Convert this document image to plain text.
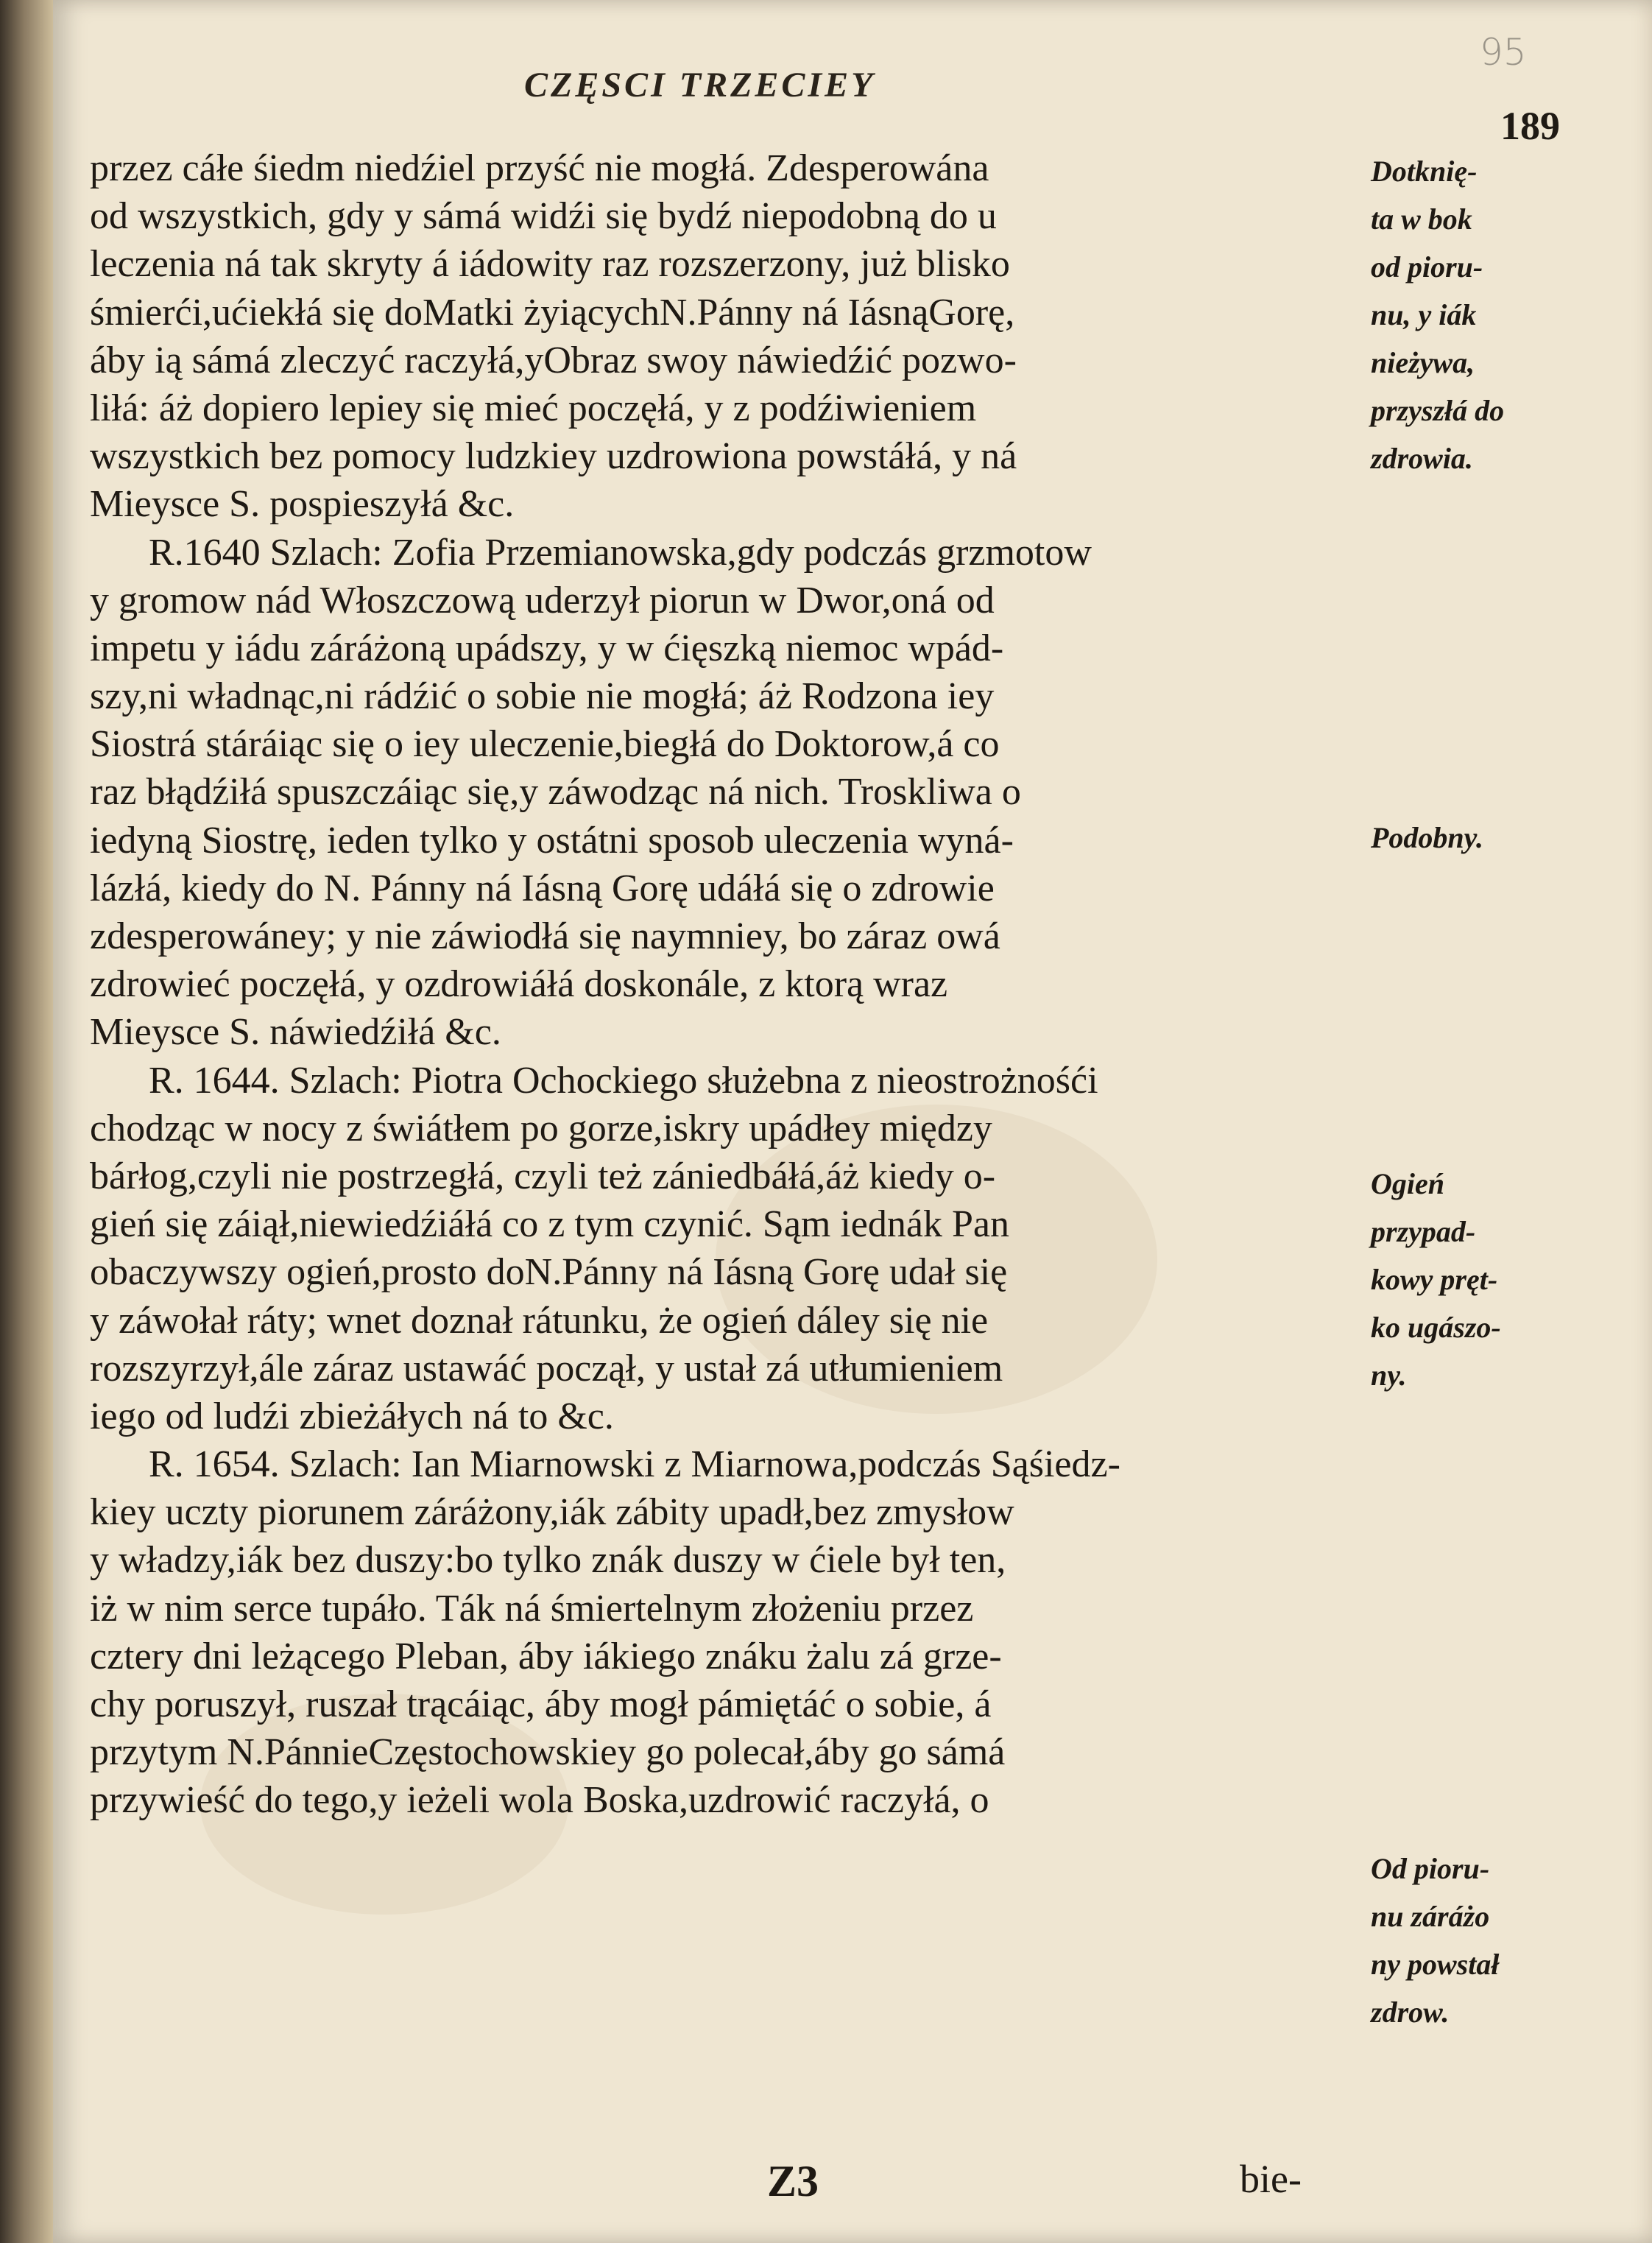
95
CZĘSCI TRZECIEY
189
przez cáłe śiedm niedźiel przyść nie mogłá. Zdesperowána
od wszystkich, gdy y sámá widźi się bydź niepodobną do u
leczenia ná tak skryty á iádowity raz rozszerzony, już blisko
śmierći,ućiekłá się doMatki żyiącychN.Pánny ná IásnąGorę,
áby ią sámá zleczyć raczyłá,yObraz swoy náwiedźić pozwo-
liłá: áż dopiero lepiey się mieć poczęłá, y z podźiwieniem
wszystkich bez pomocy ludzkiey uzdrowiona powstáłá, y ná
Mieysce S. pospieszyłá &c.
R.1640 Szlach: Zofia Przemianowska,gdy podczás grzmotow
y gromow nád Włoszczową uderzył piorun w Dwor,oná od
impetu y iádu záráżoną upádszy, y w ćięszką niemoc wpád-
szy,ni władnąc,ni rádźić o sobie nie mogłá; áż Rodzona iey
Siostrá stáráiąc się o iey uleczenie,biegłá do Doktorow,á co
raz błądźiłá spuszczáiąc się,y záwodząc ná nich. Troskliwa o
iedyną Siostrę, ieden tylko y ostátni sposob uleczenia wyná-
lázłá, kiedy do N. Pánny ná Iásną Gorę udáłá się o zdrowie
zdesperowáney; y nie záwiodłá się naymniey, bo záraz owá
zdrowieć poczęłá, y ozdrowiáłá doskonále, z ktorą wraz
Mieysce S. náwiedźiłá &c.
R. 1644. Szlach: Piotra Ochockiego służebna z nieostrożnośći
chodząc w nocy z świátłem po gorze,iskry upádłey między
bárłog,czyli nie postrzegłá, czyli też zániedbáłá,áż kiedy o-
gień się záiął,niewiedźiáłá co z tym czynić. Sąm iednák Pan
obaczywszy ogień,prosto doN.Pánny ná Iásną Gorę udał się
y záwołał ráty; wnet doznał rátunku, że ogień dáley się nie
rozszyrzył,ále záraz ustawáć począł, y ustał zá utłumieniem
iego od ludźi zbieżáłych ná to &c.
R. 1654. Szlach: Ian Miarnowski z Miarnowa,podczás Sąśiedz-
kiey uczty piorunem záráżony,iák zábity upadł,bez zmysłow
y władzy,iák bez duszy:bo tylko znák duszy w ćiele był ten,
iż w nim serce tupáło. Ták ná śmiertelnym złożeniu przez
cztery dni leżącego Pleban, áby iákiego znáku żalu zá grze-
chy poruszył, ruszał trącáiąc, áby mogł pámiętáć o sobie, á
przytym N.PánnieCzęstochowskiey go polecał,áby go sámá
przywieść do tego,y ieżeli wola Boska,uzdrowić raczyłá, o
Dotknię-
ta w bok
od pioru-
nu, y iák
nieżywa,
przyszłá do
zdrowia.
Podobny.
Ogień
przypad-
kowy pręt-
ko ugászo-
ny.
Od pioru-
nu záráżo
ny powstał
zdrow.
Z3	bie-
